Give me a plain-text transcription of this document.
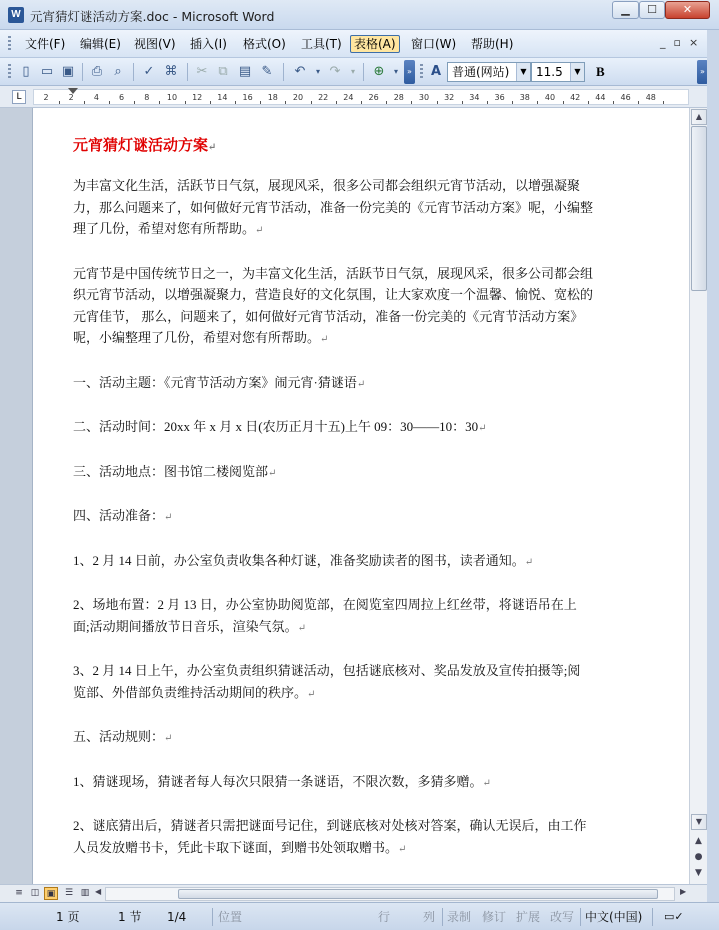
W 元宵猜灯谜活动方案.doc - Microsoft Word	▁	☐	✕
文件(F) 编辑(E) 视图(V) 插入(I) 格式(O) 工具(T)	表格(A)	窗口(W) 帮助(H)	_▫×
▯ ▭ ▣ ⎙ ⌕	✓ ⌘ ✂ ⧉ ▤ ✎ ↶	▾ ↷	▾	⊕	▾	»	A 普通(网站)	▼ 11.5	▼ B	»
L	2	2	4	6	8 10 12 14 16 18 20 22 24 26 28 30 32 34 36 38 40 42 44 46 48
元宵猜灯谜活动方案↵
为丰富文化生活，活跃节日气氛，展现风采，很多公司都会组织元宵节活动，以增强凝聚力，那么问题来了，如何做好元宵节活动，准备一份完美的《元宵节活动方案》呢，小编整理了几份，希望对您有所帮助。↵
元宵节是中国传统节日之一，为丰富文化生活，活跃节日气氛，展现风采，很多公司都会组织元宵节活动，以增强凝聚力，营造良好的文化氛围，让大家欢度一个温馨、愉悦、宽松的元宵佳节， 那么，问题来了，如何做好元宵节活动，准备一份完美的《元宵节活动方案》呢，小编整理了几份，希望对您有所帮助。↵
一、活动主题：《元宵节活动方案》闹元宵·猜谜语↵
二、活动时间：20xx 年 x 月 x 日(农历正月十五)上午 09：30——10：30↵
三、活动地点：图书馆二楼阅览部↵
四、活动准备：↵
1、2 月 14 日前，办公室负责收集各种灯谜，准备奖励读者的图书，读者通知。↵
2、场地布置：2 月 13 日，办公室协助阅览部，在阅览室四周拉上红丝带，将谜语吊在上面;活动期间播放节日音乐，渲染气氛。↵
3、2 月 14 日上午，办公室负责组织猜谜活动，包括谜底核对、奖品发放及宣传拍摄等;阅览部、外借部负责维持活动期间的秩序。↵
五、活动规则：↵
1、猜谜现场，猜谜者每人每次只限猜一条谜语，不限次数，多猜多赠。↵
2、谜底猜出后，猜谜者只需把谜面号记住，到谜底核对处核对答案，确认无误后，由工作人员发放赠书卡，凭此卡取下谜面，到赠书处领取赠书。↵
▲
▼
▲
●
▼
≡ ◫ ▣	☰ ▥ ◀	▶
1 页	1 节 1/4	位置	行	列 录制 修订 扩展 改写 中文(中国) ▭✓
